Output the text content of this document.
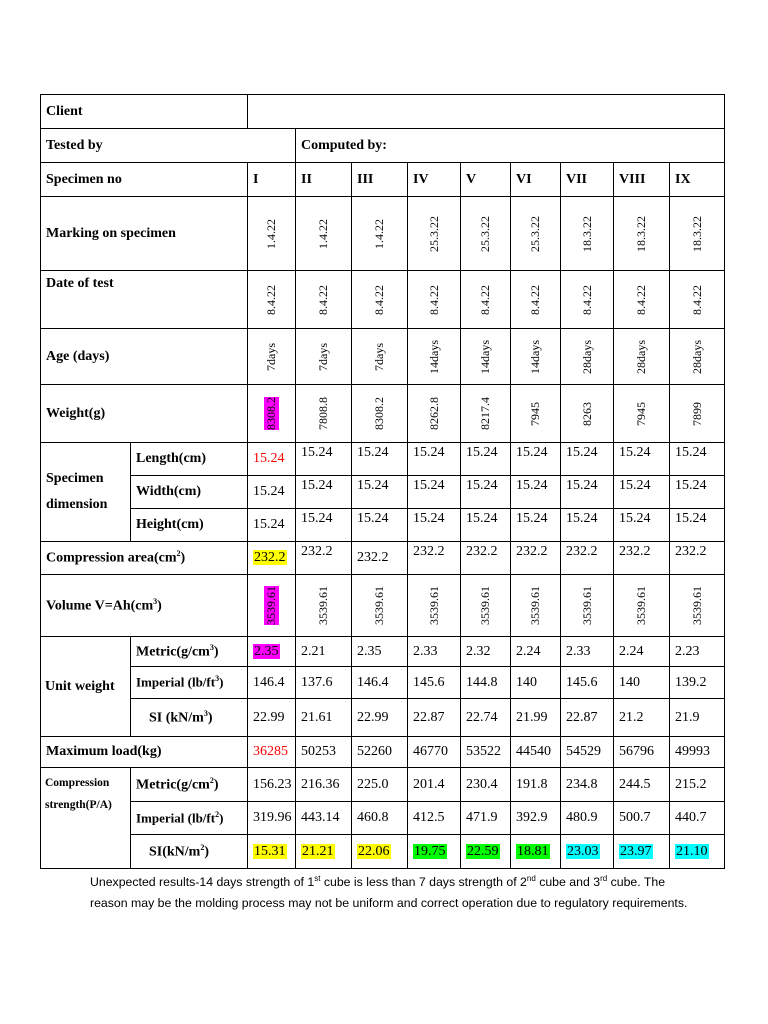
Client										
Tested by			Computed by:							
Specimen no		I	II	III	IV	V	VI	VII	VIII	IX
Marking on specimen		1.4.22	1.4.22	1.4.22	25.3.22	25.3.22	25.3.22	18.3.22	18.3.22	18.3.22

Date of test		8.4.22	8.4.22	8.4.22	8.4.22	8.4.22	8.4.22	8.4.22	8.4.22	8.4.22

Age (days)		7days	7days	7days	14days	14days	14days	28days	28days	28days

Weight(g)		8308.2	7808.8	8308.2	8262.8	8217.4	7945	8263	7945	7899

Specimen
dimension	Length(cm)	15.24	15.24	15.24	15.24	15.24	15.24	15.24	15.24	15.24
	Width(cm)	15.24	15.24	15.24	15.24	15.24	15.24	15.24	15.24	15.24
	Height(cm)	15.24	15.24	15.24	15.24	15.24	15.24	15.24	15.24	15.24
Compression $area(cm^2)$		232.2	232.2	232.2	232.2	232.2	232.2	232.2	232.2	232.2
Volume $V=Ah(cm^3)$		3539.61	3539.61	3539.61	3539.61	3539.61	3539.61	3539.61	3539.61	3539.61

Unit weight	$Metric(g/cm^3)$	2.35	2.21	2.35	2.33	2.32	2.24	2.33	2.24	2.23
	Imperial $(lb/ft^3)$	146.4	137.6	146.4	145.6	144.8	140	145.6	140	139.2
	SI $(kN/m^3)$	22.99	21.61	22.99	22.87	22.74	21.99	22.87	21.2	21.9
Maximum load(kg)		36285	50253	52260	46770	53522	44540	54529	56796	49993
Compression
strength(P/A)	$Metric(g/cm^2)$	156.23	216.36	225.0	201.4	230.4	191.8	234.8	244.5	215.2
	Imperial $(lb/ft^2)$	319.96	443.14	460.8	412.5	471.9	392.9	480.9	500.7	440.7
	$SI(kN/m^2)$	15.31	21.21	22.06	19.75	22.59	18.81	23.03	23.97	21.10
Unexpected results-14 days strength of 1st cube is less than 7 days strength of 2nd cube and 3rd cube. The reason may be the molding process may not be uniform and correct operation due to regulatory requirements.
